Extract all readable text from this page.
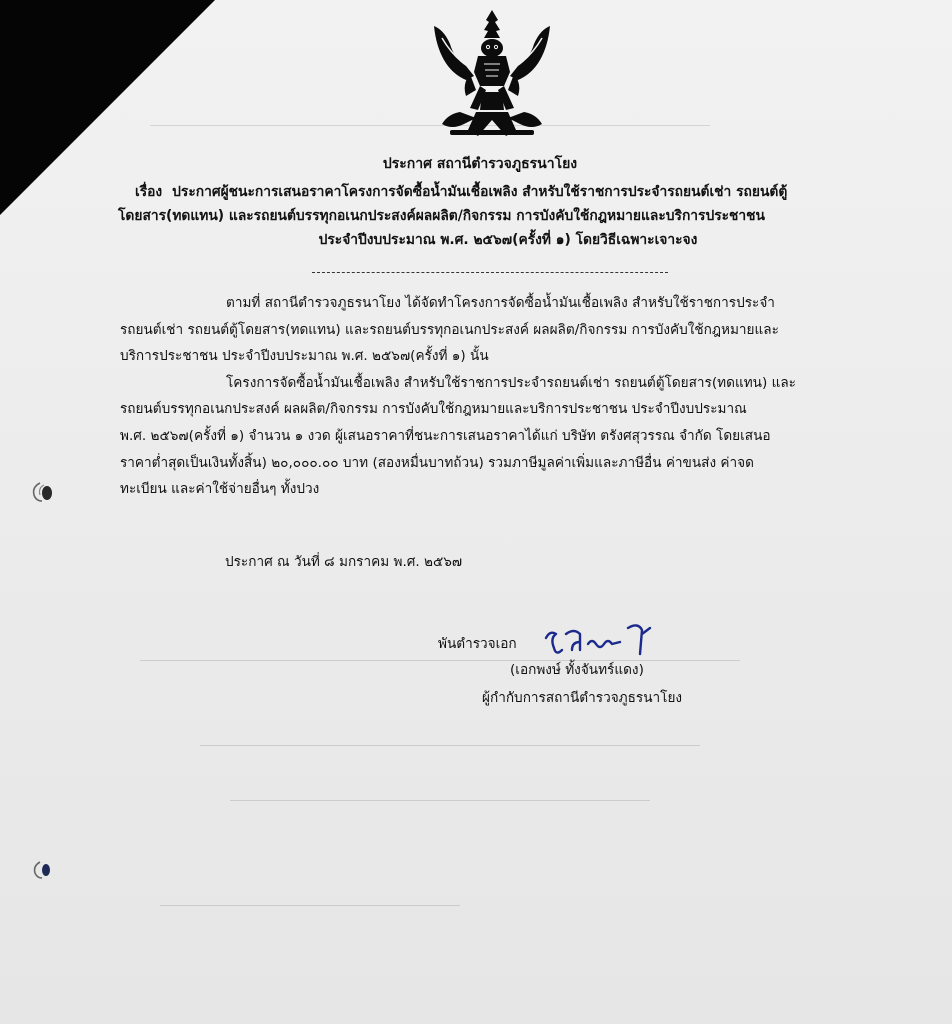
ประกาศ สถานีตำรวจภูธรนาโยง
เรื่อง ประกาศผู้ชนะการเสนอราคาโครงการจัดซื้อน้ำมันเชื้อเพลิง สำหรับใช้ราชการประจำรถยนต์เช่า รถยนต์ตู้
โดยสาร(ทดแทน) และรถยนต์บรรทุกอเนกประสงค์ผลผลิต/กิจกรรม การบังคับใช้กฎหมายและบริการประชาชน
ประจำปีงบประมาณ พ.ศ. ๒๕๖๗(ครั้งที่ ๑) โดยวิธีเฉพาะเจาะจง
ตามที่ สถานีตำรวจภูธรนาโยง ได้จัดทำโครงการจัดซื้อน้ำมันเชื้อเพลิง สำหรับใช้ราชการประจำ
รถยนต์เช่า รถยนต์ตู้โดยสาร(ทดแทน) และรถยนต์บรรทุกอเนกประสงค์ ผลผลิต/กิจกรรม การบังคับใช้กฎหมายและ
บริการประชาชน ประจำปีงบประมาณ พ.ศ. ๒๕๖๗(ครั้งที่ ๑) นั้น
โครงการจัดซื้อน้ำมันเชื้อเพลิง สำหรับใช้ราชการประจำรถยนต์เช่า รถยนต์ตู้โดยสาร(ทดแทน) และ
รถยนต์บรรทุกอเนกประสงค์ ผลผลิต/กิจกรรม การบังคับใช้กฎหมายและบริการประชาชน ประจำปีงบประมาณ
พ.ศ. ๒๕๖๗(ครั้งที่ ๑) จำนวน ๑ งวด ผู้เสนอราคาที่ชนะการเสนอราคาได้แก่ บริษัท ตรังศสุวรรณ จำกัด โดยเสนอ
ราคาต่ำสุดเป็นเงินทั้งสิ้น) ๒๐,๐๐๐.๐๐ บาท (สองหมื่นบาทถ้วน) รวมภาษีมูลค่าเพิ่มและภาษีอื่น ค่าขนส่ง ค่าจด
ทะเบียน และค่าใช้จ่ายอื่นๆ ทั้งปวง
ประกาศ ณ วันที่ ๘ มกราคม พ.ศ. ๒๕๖๗
พันตำรวจเอก
(เอกพงษ์ ทั้งจันทร์แดง)
ผู้กำกับการสถานีตำรวจภูธรนาโยง
